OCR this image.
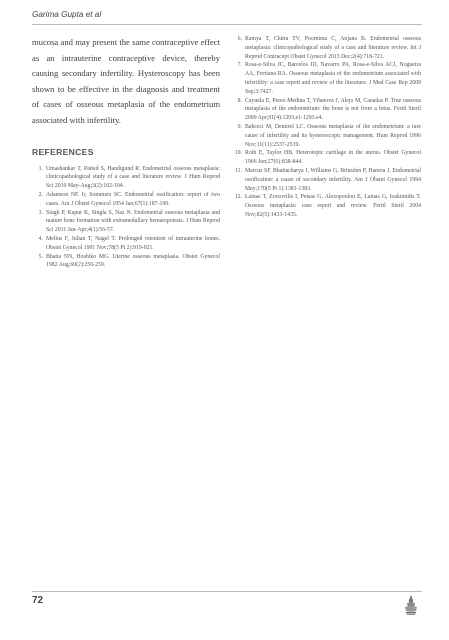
Garima Gupta et al

mucosa and may present the same contraceptive effect as an intrauterine contraceptive device, thereby causing secondary infertility. Hysteroscopy has been shown to be effective in the diagnosis and treatment of cases of osseous metaplasia of the endometrium associated with infertility.

REFERENCES
1. Umashankar T, Patted S, Handigund R. Endometrial osseous metaplasia: clinicopathological study of a case and literature review. J Hum Reprod Sci 2010 May-Aug;3(2):102-104.
2. Adamson NE Jr, Sommers SC. Endometrial ossification: report of two cases. Am J Obstet Gynecol 1954 Jan;67(1):187-190.
3. Singh P, Kapur K, Singla S, Naz N. Endometrial osseous metaplasia and mature bone formation with extramedullary hematopoiesis. J Hum Reprod Sci 2011 Jan-Apr;4(1):56-57.
4. Melius F, Julian T, Nagel T. Prolonged retention of intrauterine bones. Obstet Gynecol 1991 Nov;78(5 Pt 2):919-921.
5. Bhatia NN, Hoshiko MG. Uterine osseous metaplasia. Obstet Gynecol 1982 Aug;60(2):256-259.
6. Ramya T, Chitra TV, Poornima C, Anjana B. Endometrial osseous metaplasia: clinicopathological study of a case and literature review. Int J Reprod Contracept Obstet Gynecol 2013 Dec;2(4):718-721.
7. Rosa-e-Silva JC, Barcelos ID, Navarro PA, Rosa-e-Silva ACJ, Nogueira AA, Ferriana RA. Osseous metaplasia of the endometrium associated with infertility: a case report and review of the literature. J Med Case Rep 2009 Sep;3:7427.
8. Cayuela E, Perez-Medina T, Vilanova J, Alejo M, Canadas P. True osseous metaplasia of the endometrium: the bone is not from a fetus. Fertil Steril 2009 Apr;91(4):1293.e1-1293.e4.
9. Bahceci M, Demirel LC. Osseous metaplasia of the endometrium: a rare cause of infertility and its hysteroscopic management. Hum Reprod 1996 Nov;11(11):2537-2539.
10. Roth E, Taylor HB. Heterotopic cartilage in the uterus. Obstet Gynecol 1966 Jun;27(6):838-844.
11. Marcus SF, Bhattacharya J, Williams G, Brinsden P, Hamou J. Endometrial ossification: a cause of secondary infertility. Am J Obstet Gynecol 1994 May;170(5 Pt 1):1381-1383.
12. Lainas T, Zorzovilis I, Petsas G, Alexopoulou E, Lainas G, Ioakimidis T. Osseous metaplasia: case report and review. Fertil Steril 2004 Nov;82(5):1433-1435.
72
